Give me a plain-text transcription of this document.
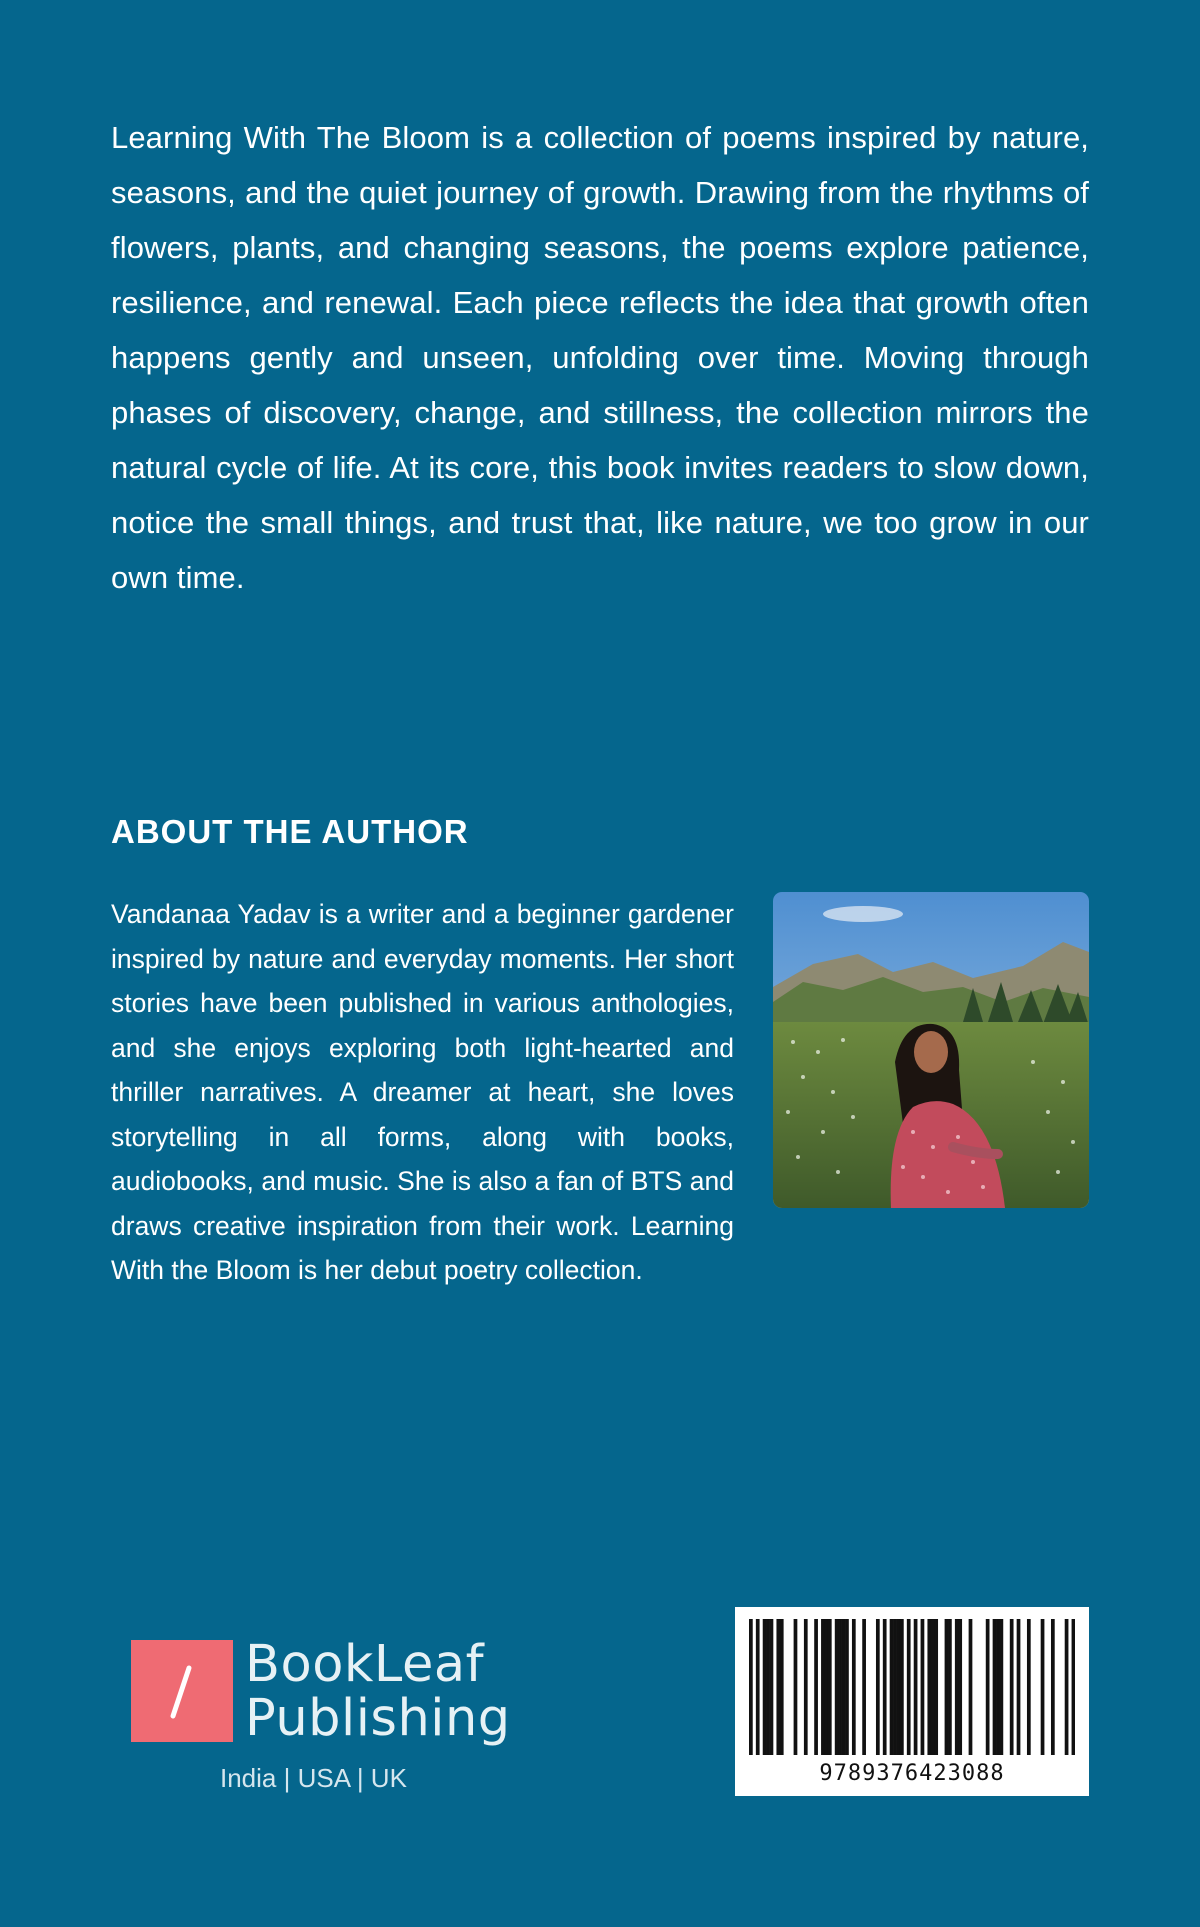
Learning With The Bloom is a collection of poems inspired by nature, seasons, and the quiet journey of growth. Drawing from the rhythms of flowers, plants, and changing seasons, the poems explore patience, resilience, and renewal. Each piece reflects the idea that growth often happens gently and unseen, unfolding over time. Moving through phases of discovery, change, and stillness, the collection mirrors the natural cycle of life. At its core, this book invites readers to slow down, notice the small things, and trust that, like nature, we too grow in our own time.

ABOUT THE AUTHOR

Vandanaa Yadav is a writer and a beginner gardener inspired by nature and everyday moments. Her short stories have been published in various anthologies, and she enjoys exploring both light-hearted and thriller narratives. A dreamer at heart, she loves storytelling in all forms, along with books, audiobooks, and music. She is also a fan of BTS and draws creative inspiration from their work. Learning With the Bloom is her debut poetry collection.

BookLeaf

Publishing

India | USA | UK	9789376423088
